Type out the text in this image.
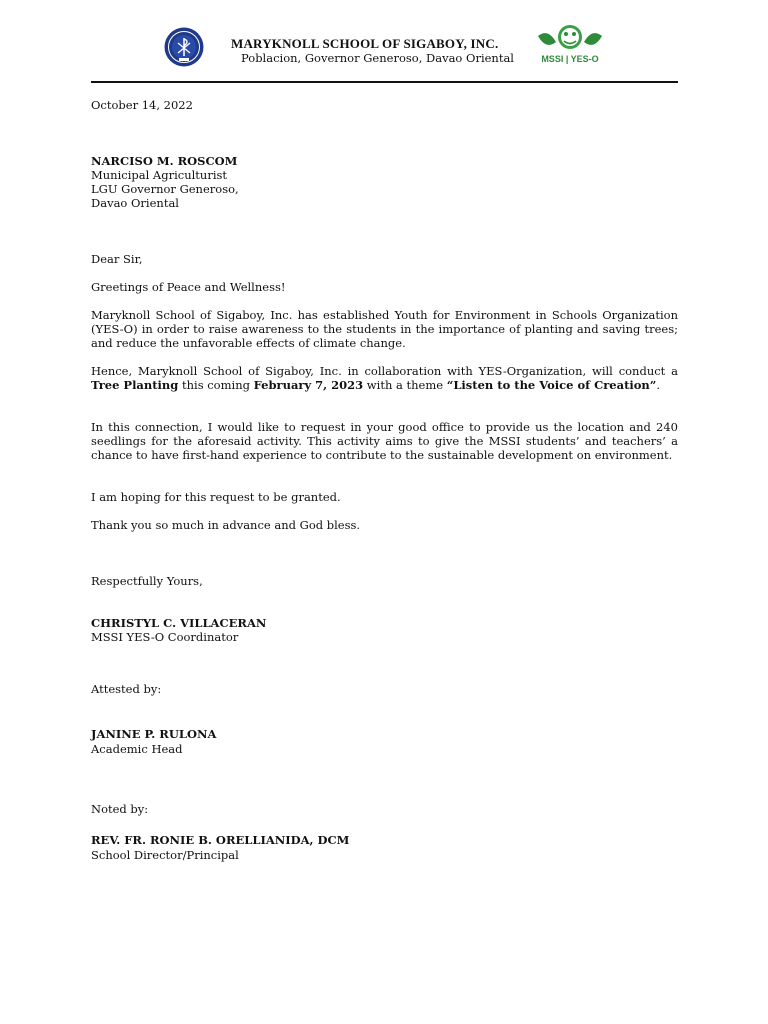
MARYKNOLL SCHOOL OF SIGABOY, INC.
Poblacion, Governor Generoso, Davao Oriental	MSSI | YES-O
October 14, 2022
NARCISO M. ROSCOM
Municipal Agriculturist
LGU Governor Generoso,
Davao Oriental
Dear Sir,
Greetings of Peace and Wellness!
Maryknoll School of Sigaboy, Inc. has established Youth for Environment in Schools Organization (YES-O) in order to raise awareness to the students in the importance of planting and saving trees; and reduce the unfavorable effects of climate change.
Hence, Maryknoll School of Sigaboy, Inc. in collaboration with YES-Organization, will conduct a Tree Planting this coming February 7, 2023 with a theme “Listen to the Voice of Creation”.
In this connection, I would like to request in your good office to provide us the location and 240 seedlings for the aforesaid activity. This activity aims to give the MSSI students’ and teachers’ a chance to have first-hand experience to contribute to the sustainable development on environment.
I am hoping for this request to be granted.
Thank you so much in advance and God bless.
Respectfully Yours,
CHRISTYL C. VILLACERAN
MSSI YES-O Coordinator
Attested by:
JANINE P. RULONA
Academic Head
Noted by:
REV. FR. RONIE B. ORELLIANIDA, DCM
School Director/Principal
